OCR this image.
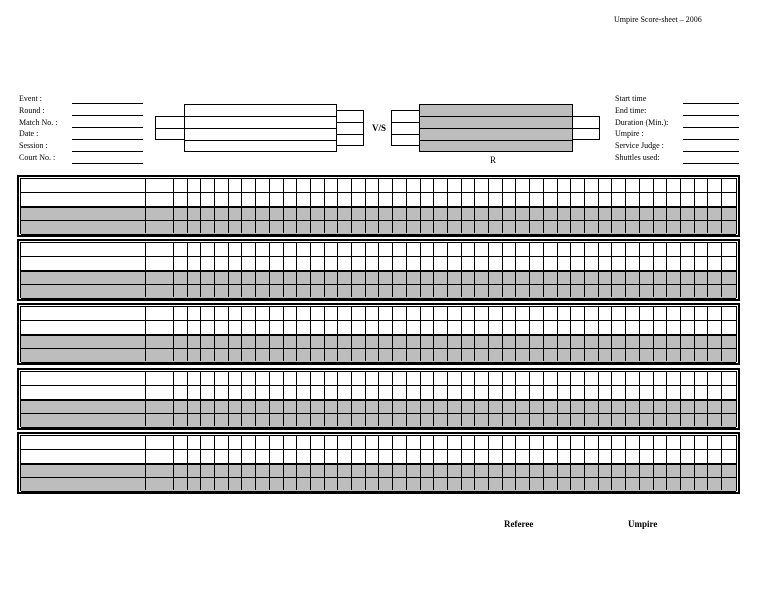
Umpire Score-sheet – 2006
Event :
Round :
Match No. :
Date :
Session :
Court No. :
V/S
R
Start time
End time:
Duration (Min.):
Umpire :
Service Judge :
Shuttles used:
Referee	Umpire
